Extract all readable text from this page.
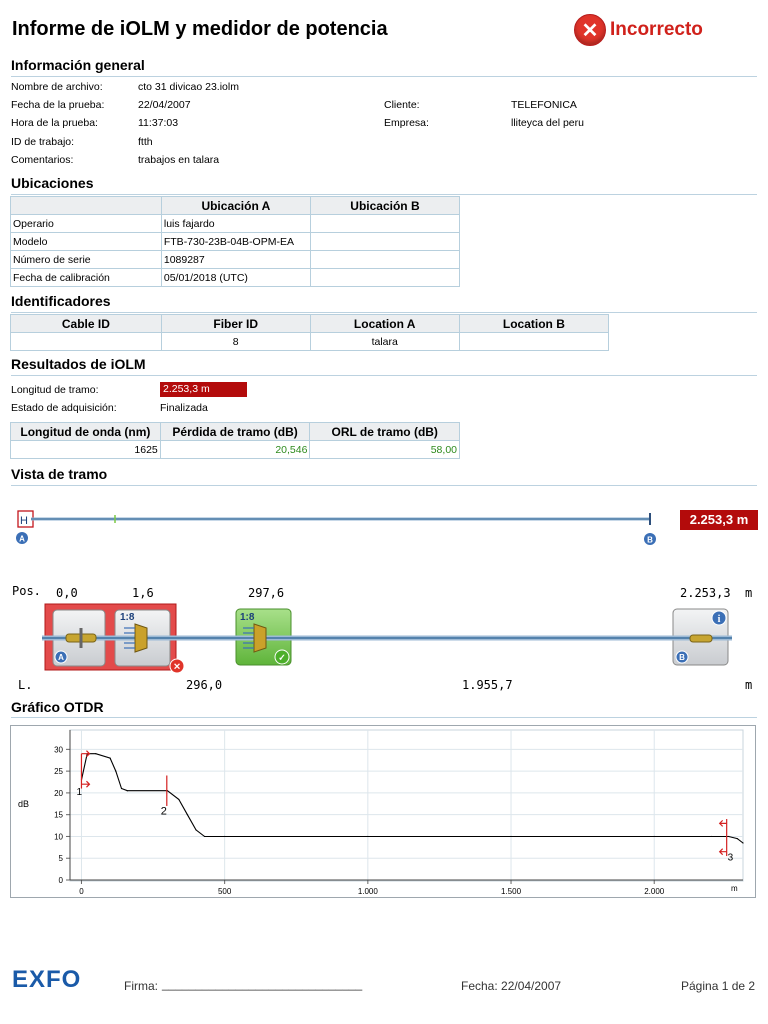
Informe de iOLM y medidor de potencia	✕ Incorrecto
Información general
Nombre de archivo:	cto 31 divicao 23.iolm
Fecha de la prueba:	22/04/2007
Hora de la prueba:	11:37:03
ID de trabajo:	ftth
Comentarios:	trabajos en talara
Cliente:	TELEFONICA
Empresa:	lliteyca del peru
Ubicaciones
	Ubicación A	Ubicación B
Operario	luis fajardo	
Modelo	FTB-730-23B-04B-OPM-EA	
Número de serie	1089287	
Fecha de calibración	05/01/2018 (UTC)	
Identificadores
Cable ID	Fiber ID	Location A	Location B
	8	talara	
Resultados de iOLM
Longitud de tramo:	2.253,3 m
Estado de adquisición:	Finalizada
Longitud de onda (nm)	Pérdida de tramo (dB)	ORL de tramo (dB)
1625	20,546	58,00
Vista de tramo
H
A	B
2.253,3 m
Pos. 0,0	1,6	297,6	2.253,3 m
1:8	1:8
✕
✓
i
A	B
L.	296,0	1.955,7	m
Gráfico OTDR
30
25
20
15
10
5
0
0	500	1.000	1.500	2.000
dB
m
1
2
3
EXFO	Firma: ______________________________	Fecha: 22/04/2007	Página 1 de 2
